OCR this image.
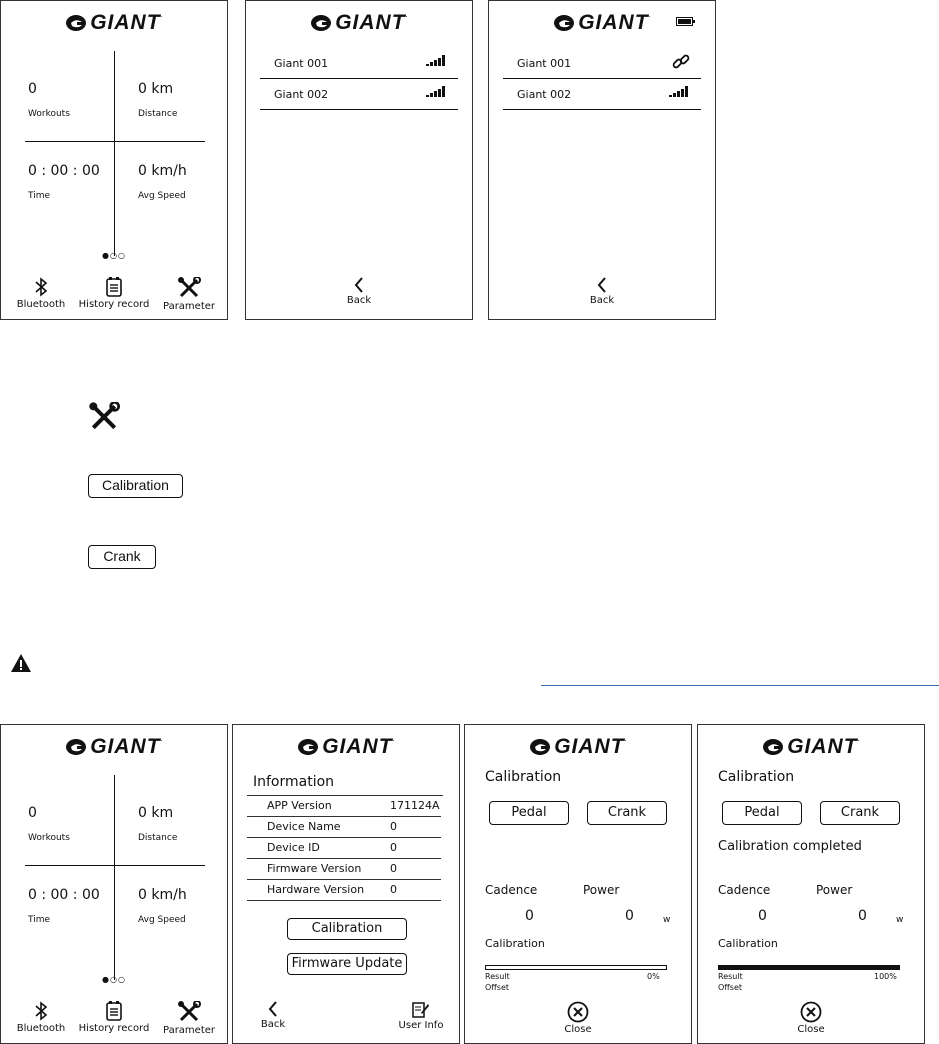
GIANT.
0
Workouts
0 km
Distance
0 : 00 : 00
Time
0 km/h
Avg Speed
●○○
Bluetooth	History record	Parameter
GIANT.
Giant 001
Giant 002
Back
GIANT.
Giant 001
Giant 002
Back
Calibration
Crank
GIANT.
0
Workouts
0 km
Distance
0 : 00 : 00
Time
0 km/h
Avg Speed
●○○
Bluetooth	History record	Parameter
GIANT.
Information
APP Version	171124A
Device Name	0
Device ID	0
Firmware Version	0
Hardware Version 0
Calibration
Firmware Update
Back	User Info
GIANT.
Calibration
Pedal	Crank
Cadence	Power
0	0	w
Calibration
0%
Result
Offset
Close
GIANT.
Calibration
Pedal	Crank
Calibration completed
Cadence	Power
0	0	w
Calibration
100%
Result
Offset
Close
